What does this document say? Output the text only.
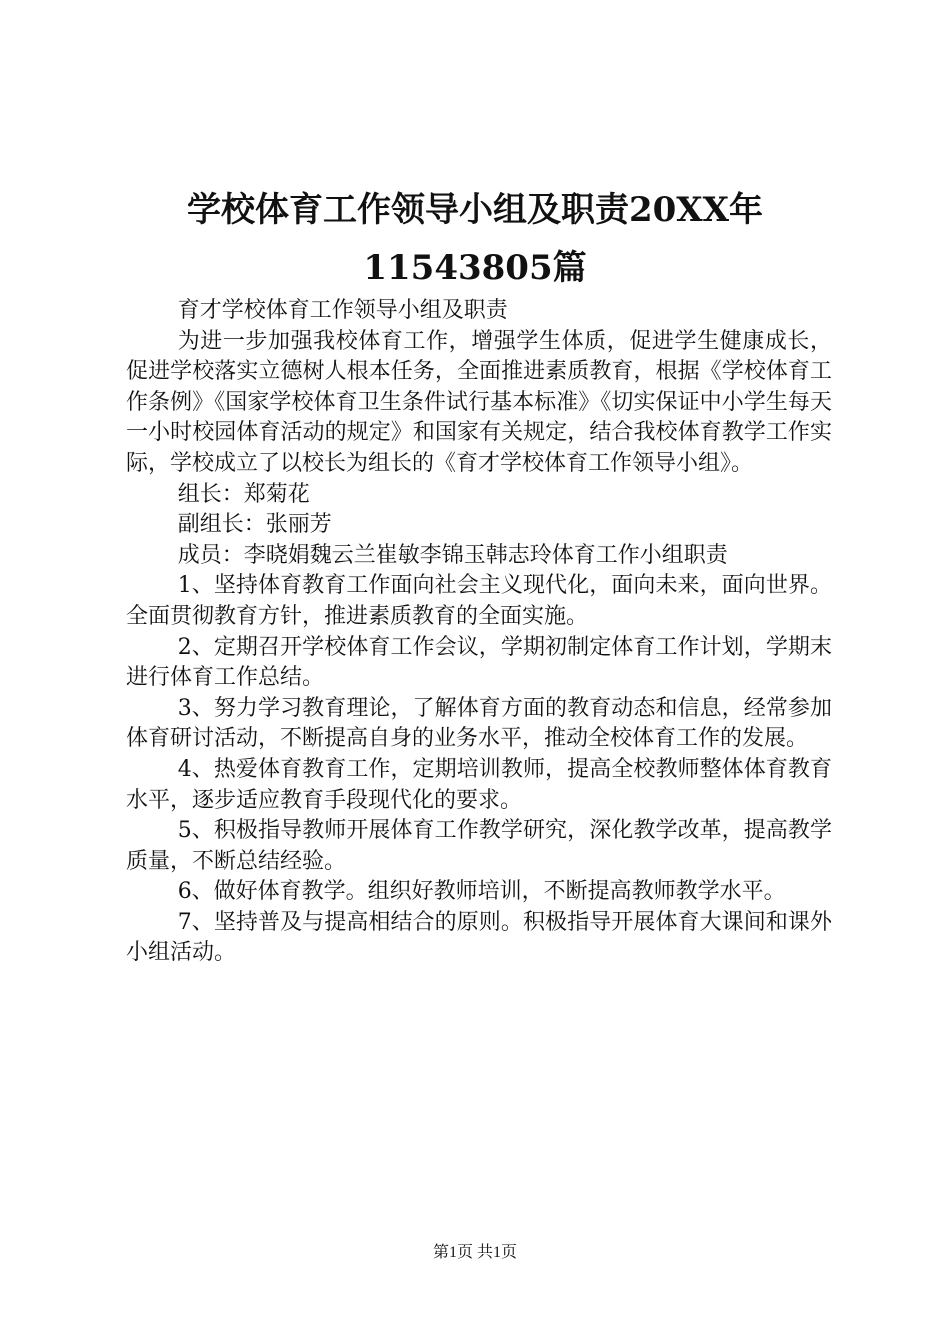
学校体育工作领导小组及职责20XX年
11543805篇

育才学校体育工作领导小组及职责

为进一步加强我校体育工作，增强学生体质，促进学生健康成长，促进学校落实立德树人根本任务，全面推进素质教育，根据《学校体育工作条例》《国家学校体育卫生条件试行基本标准》《切实保证中小学生每天一小时校园体育活动的规定》和国家有关规定，结合我校体育教学工作实际，学校成立了以校长为组长的《育才学校体育工作领导小组》。

组长：郑菊花

副组长：张丽芳

成员：李晓娟魏云兰崔敏李锦玉韩志玲体育工作小组职责

1、坚持体育教育工作面向社会主义现代化，面向未来，面向世界。全面贯彻教育方针，推进素质教育的全面实施。

2、定期召开学校体育工作会议，学期初制定体育工作计划，学期末进行体育工作总结。

3、努力学习教育理论，了解体育方面的教育动态和信息，经常参加体育研讨活动，不断提高自身的业务水平，推动全校体育工作的发展。

4、热爱体育教育工作，定期培训教师，提高全校教师整体体育教育水平，逐步适应教育手段现代化的要求。

5、积极指导教师开展体育工作教学研究，深化教学改革，提高教学质量，不断总结经验。

6、做好体育教学。组织好教师培训，不断提高教师教学水平。

7、坚持普及与提高相结合的原则。积极指导开展体育大课间和课外小组活动。

第1页 共1页
